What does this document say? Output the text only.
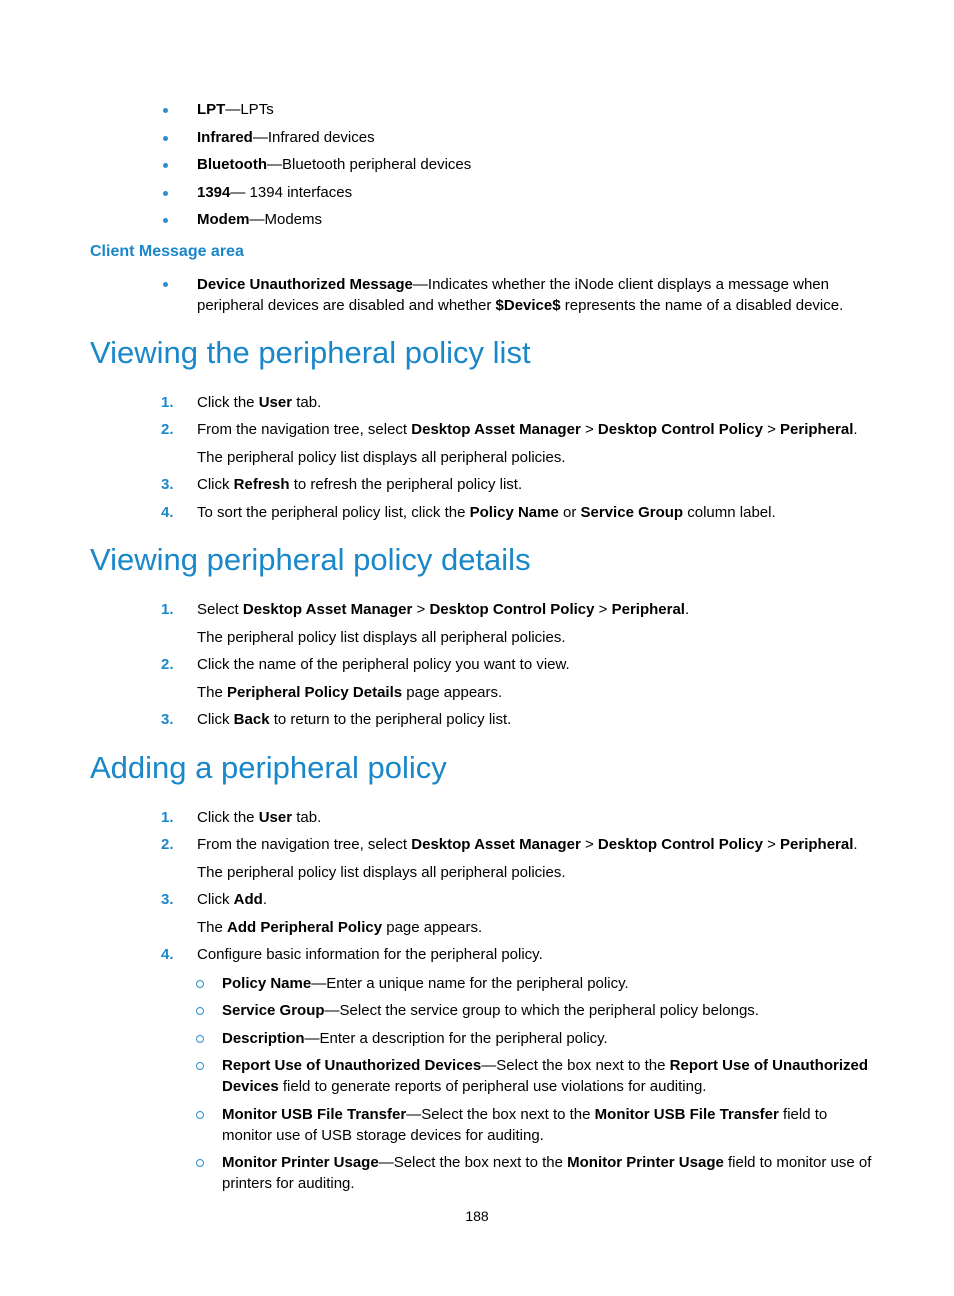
LPT—LPTs
Infrared—Infrared devices
Bluetooth—Bluetooth peripheral devices
1394— 1394 interfaces
Modem—Modems
Client Message area
Device Unauthorized Message—Indicates whether the iNode client displays a message when peripheral devices are disabled and whether $Device$ represents the name of a disabled device.
Viewing the peripheral policy list
1. Click the User tab.
2. From the navigation tree, select Desktop Asset Manager > Desktop Control Policy > Peripheral.
The peripheral policy list displays all peripheral policies.
3. Click Refresh to refresh the peripheral policy list.
4. To sort the peripheral policy list, click the Policy Name or Service Group column label.
Viewing peripheral policy details
1. Select Desktop Asset Manager > Desktop Control Policy > Peripheral.
The peripheral policy list displays all peripheral policies.
2. Click the name of the peripheral policy you want to view.
The Peripheral Policy Details page appears.
3. Click Back to return to the peripheral policy list.
Adding a peripheral policy
1. Click the User tab.
2. From the navigation tree, select Desktop Asset Manager > Desktop Control Policy > Peripheral.
The peripheral policy list displays all peripheral policies.
3. Click Add.
The Add Peripheral Policy page appears.
4. Configure basic information for the peripheral policy.
Policy Name—Enter a unique name for the peripheral policy.
Service Group—Select the service group to which the peripheral policy belongs.
Description—Enter a description for the peripheral policy.
Report Use of Unauthorized Devices—Select the box next to the Report Use of Unauthorized Devices field to generate reports of peripheral use violations for auditing.
Monitor USB File Transfer—Select the box next to the Monitor USB File Transfer field to monitor use of USB storage devices for auditing.
Monitor Printer Usage—Select the box next to the Monitor Printer Usage field to monitor use of printers for auditing.
188
